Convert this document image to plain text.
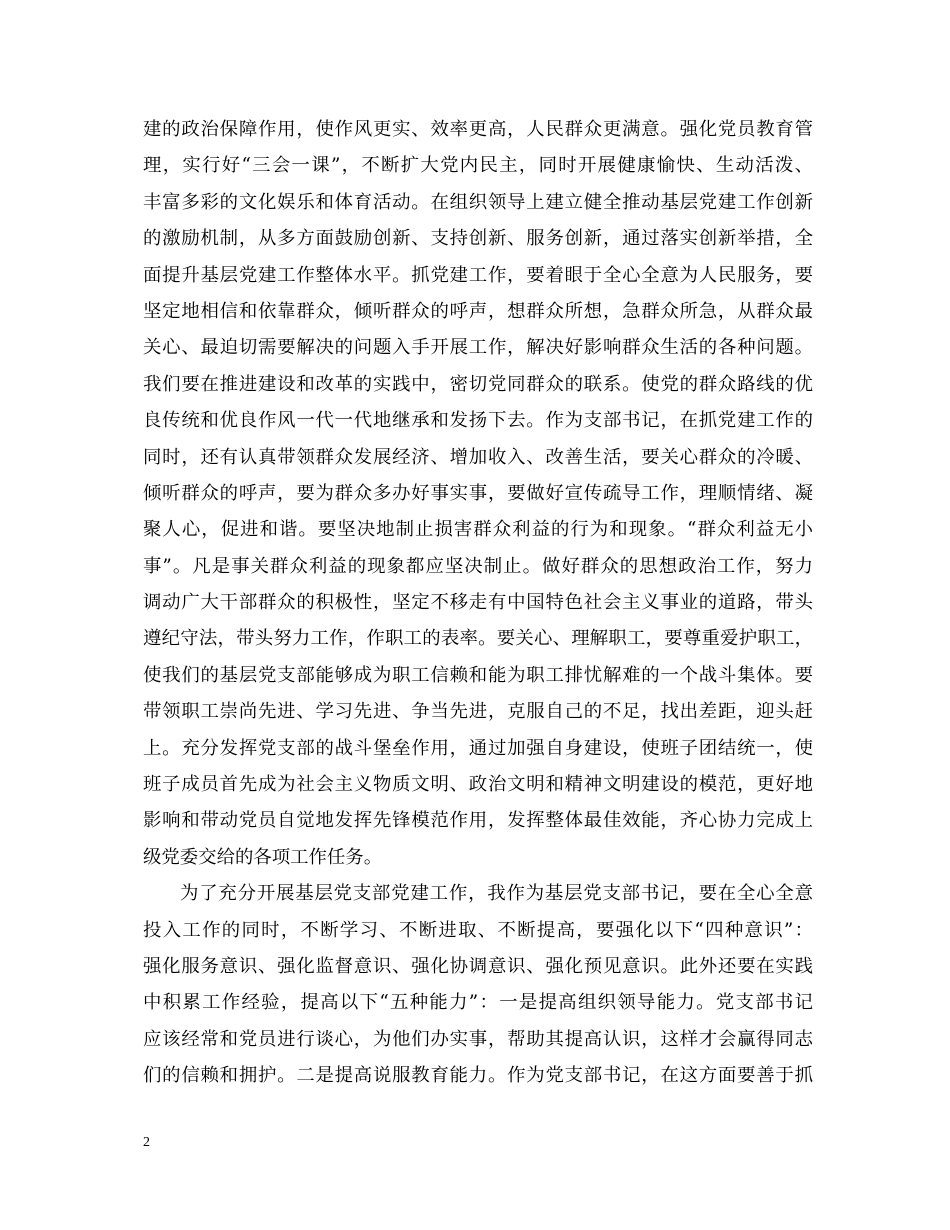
建的政治保障作用，使作风更实、效率更高，人民群众更满意。强化党员教育管
理，实行好“三会一课”，不断扩大党内民主，同时开展健康愉快、生动活泼、
丰富多彩的文化娱乐和体育活动。在组织领导上建立健全推动基层党建工作创新
的激励机制，从多方面鼓励创新、支持创新、服务创新，通过落实创新举措，全
面提升基层党建工作整体水平。抓党建工作，要着眼于全心全意为人民服务，要
坚定地相信和依靠群众，倾听群众的呼声，想群众所想，急群众所急，从群众最
关心、最迫切需要解决的问题入手开展工作，解决好影响群众生活的各种问题。
我们要在推进建设和改革的实践中，密切党同群众的联系。使党的群众路线的优
良传统和优良作风一代一代地继承和发扬下去。作为支部书记，在抓党建工作的
同时，还有认真带领群众发展经济、增加收入、改善生活，要关心群众的冷暖、
倾听群众的呼声，要为群众多办好事实事，要做好宣传疏导工作，理顺情绪、凝
聚人心，促进和谐。要坚决地制止损害群众利益的行为和现象。“群众利益无小
事”。凡是事关群众利益的现象都应坚决制止。做好群众的思想政治工作，努力
调动广大干部群众的积极性，坚定不移走有中国特色社会主义事业的道路，带头
遵纪守法，带头努力工作，作职工的表率。要关心、理解职工，要尊重爱护职工，
使我们的基层党支部能够成为职工信赖和能为职工排忧解难的一个战斗集体。要
带领职工崇尚先进、学习先进、争当先进，克服自己的不足，找出差距，迎头赶
上。充分发挥党支部的战斗堡垒作用，通过加强自身建设，使班子团结统一，使
班子成员首先成为社会主义物质文明、政治文明和精神文明建设的模范，更好地
影响和带动党员自觉地发挥先锋模范作用，发挥整体最佳效能，齐心协力完成上
级党委交给的各项工作任务。
为了充分开展基层党支部党建工作，我作为基层党支部书记，要在全心全意
投入工作的同时，不断学习、不断进取、不断提高，要强化以下“四种意识”：
强化服务意识、强化监督意识、强化协调意识、强化预见意识。此外还要在实践
中积累工作经验，提高以下“五种能力”：一是提高组织领导能力。党支部书记
应该经常和党员进行谈心，为他们办实事，帮助其提高认识，这样才会赢得同志
们的信赖和拥护。二是提高说服教育能力。作为党支部书记，在这方面要善于抓
2
